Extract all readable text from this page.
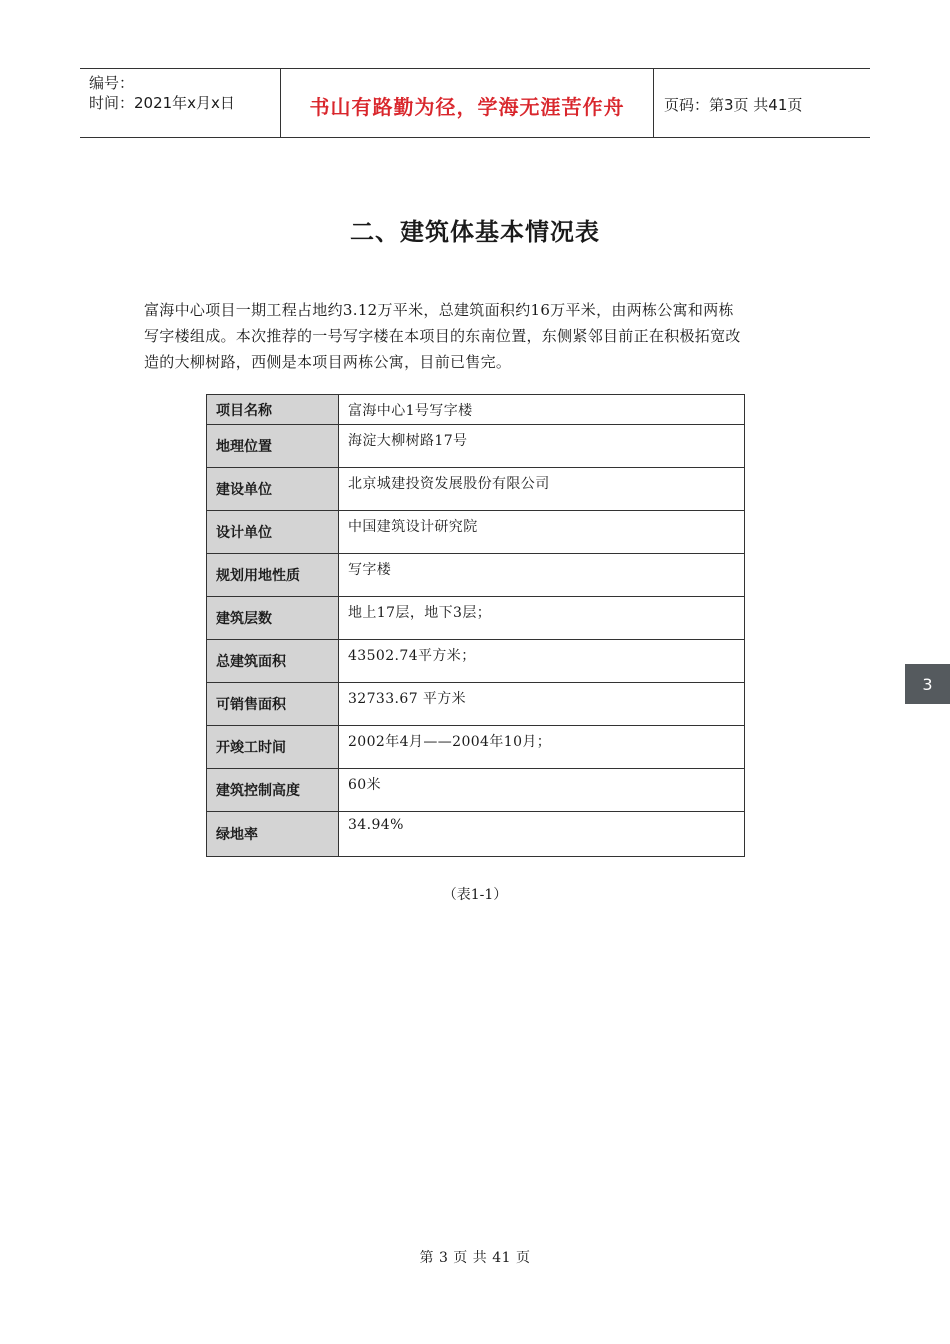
编号：
时间：2021年x月x日	书山有路勤为径，学海无涯苦作舟	页码：第3页 共41页
二、建筑体基本情况表
富海中心项目一期工程占地约3.12万平米，总建筑面积约16万平米，由两栋公寓和两栋
写字楼组成。本次推荐的一号写字楼在本项目的东南位置，东侧紧邻目前正在积极拓宽改
造的大柳树路，西侧是本项目两栋公寓，目前已售完。
项目名称	富海中心1号写字楼
地理位置	海淀大柳树路17号
建设单位	北京城建投资发展股份有限公司
设计单位	中国建筑设计研究院
规划用地性质	写字楼
建筑层数	地上17层，地下3层；
总建筑面积	43502.74平方米；
可销售面积	32733.67 平方米
开竣工时间	2002年4月——2004年10月；
建筑控制高度	60米
绿地率	34.94%
（表1-1）
3
第 3 页 共 41 页
